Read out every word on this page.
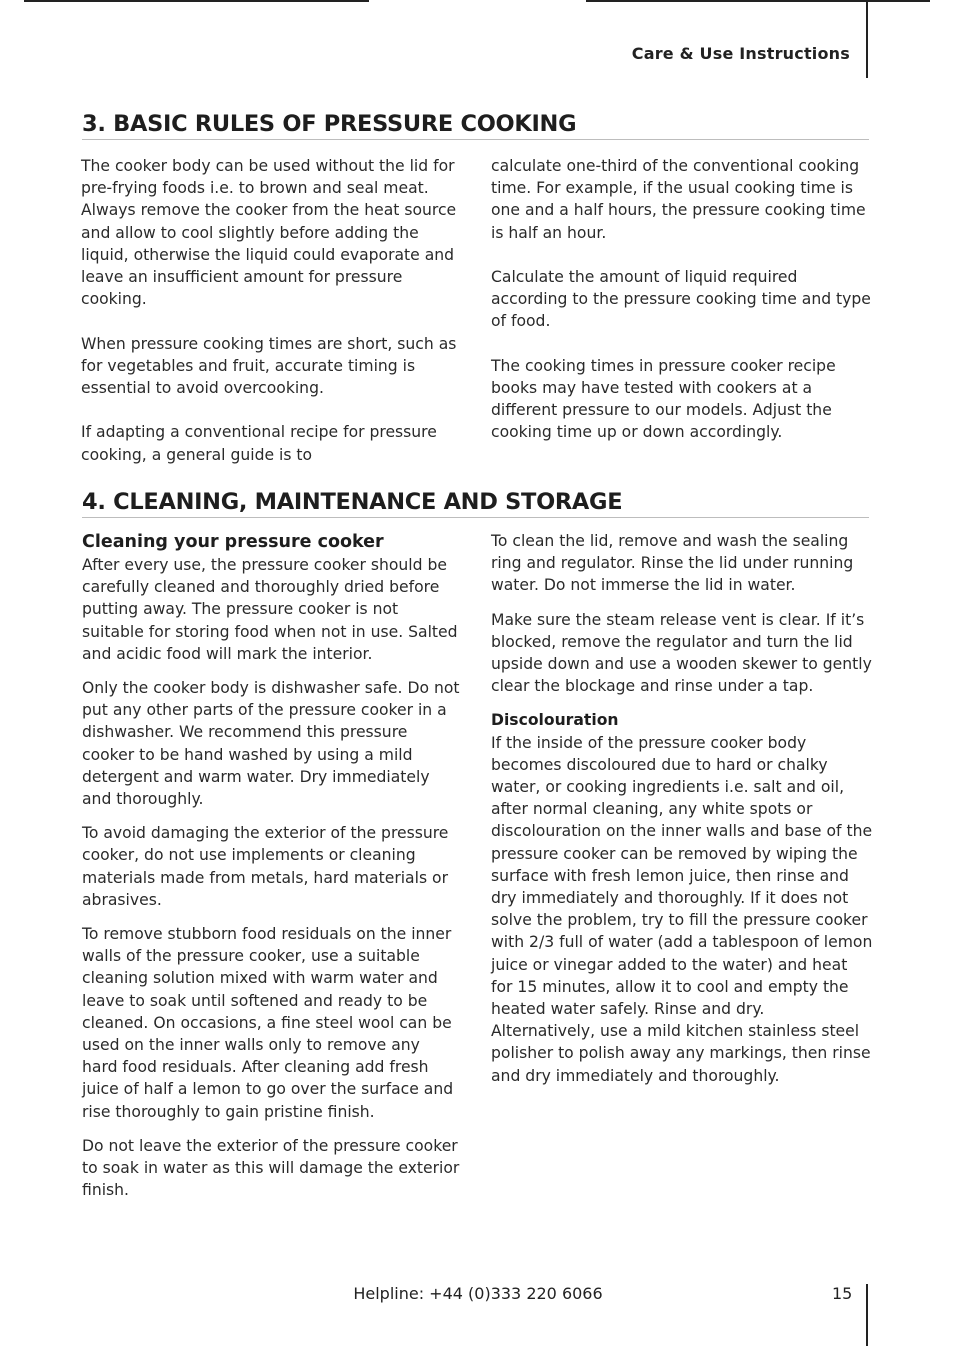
Care & Use Instructions
3. BASIC RULES OF PRESSURE COOKING

The cooker body can be used without the lid for pre-frying foods i.e. to brown and seal meat. Always remove the cooker from the heat source and allow to cool slightly before adding the liquid, otherwise the liquid could evaporate and leave an insufficient amount for pressure cooking.

When pressure cooking times are short, such as for vegetables and fruit, accurate timing is essential to avoid overcooking.

If adapting a conventional recipe for pressure cooking, a general guide is to

calculate one-third of the conventional cooking time. For example, if the usual cooking time is one and a half hours, the pressure cooking time is half an hour.

Calculate the amount of liquid required according to the pressure cooking time and type of food.

The cooking times in pressure cooker recipe books may have tested with cookers at a different pressure to our models. Adjust the cooking time up or down accordingly.

4. CLEANING, MAINTENANCE AND STORAGE
Cleaning your pressure cooker

After every use, the pressure cooker should be carefully cleaned and thoroughly dried before putting away. The pressure cooker is not suitable for storing food when not in use. Salted and acidic food will mark the interior.

Only the cooker body is dishwasher safe. Do not put any other parts of the pressure cooker in a dishwasher. We recommend this pressure cooker to be hand washed by using a mild detergent and warm water. Dry immediately and thoroughly.

To avoid damaging the exterior of the pressure cooker, do not use implements or cleaning materials made from metals, hard materials or abrasives.

To remove stubborn food residuals on the inner walls of the pressure cooker, use a suitable cleaning solution mixed with warm water and leave to soak until softened and ready to be cleaned. On occasions, a fine steel wool can be used on the inner walls only to remove any hard food residuals. After cleaning add fresh juice of half a lemon to go over the surface and rise thoroughly to gain pristine finish.

Do not leave the exterior of the pressure cooker to soak in water as this will damage the exterior finish.

To clean the lid, remove and wash the sealing ring and regulator. Rinse the lid under running water. Do not immerse the lid in water.

Make sure the steam release vent is clear. If it’s blocked, remove the regulator and turn the lid upside down and use a wooden skewer to gently clear the blockage and rinse under a tap.

Discolouration

If the inside of the pressure cooker body becomes discoloured due to hard or chalky water, or cooking ingredients i.e. salt and oil, after normal cleaning, any white spots or discolouration on the inner walls and base of the pressure cooker can be removed by wiping the surface with fresh lemon juice, then rinse and dry immediately and thoroughly. If it does not solve the problem, try to fill the pressure cooker with 2/3 full of water (add a tablespoon of lemon juice or vinegar added to the water) and heat for 15 minutes, allow it to cool and empty the heated water safely. Rinse and dry. Alternatively, use a mild kitchen stainless steel polisher to polish away any markings, then rinse and dry immediately and thoroughly.

Helpline: +44 (0)333 220 6066	15
